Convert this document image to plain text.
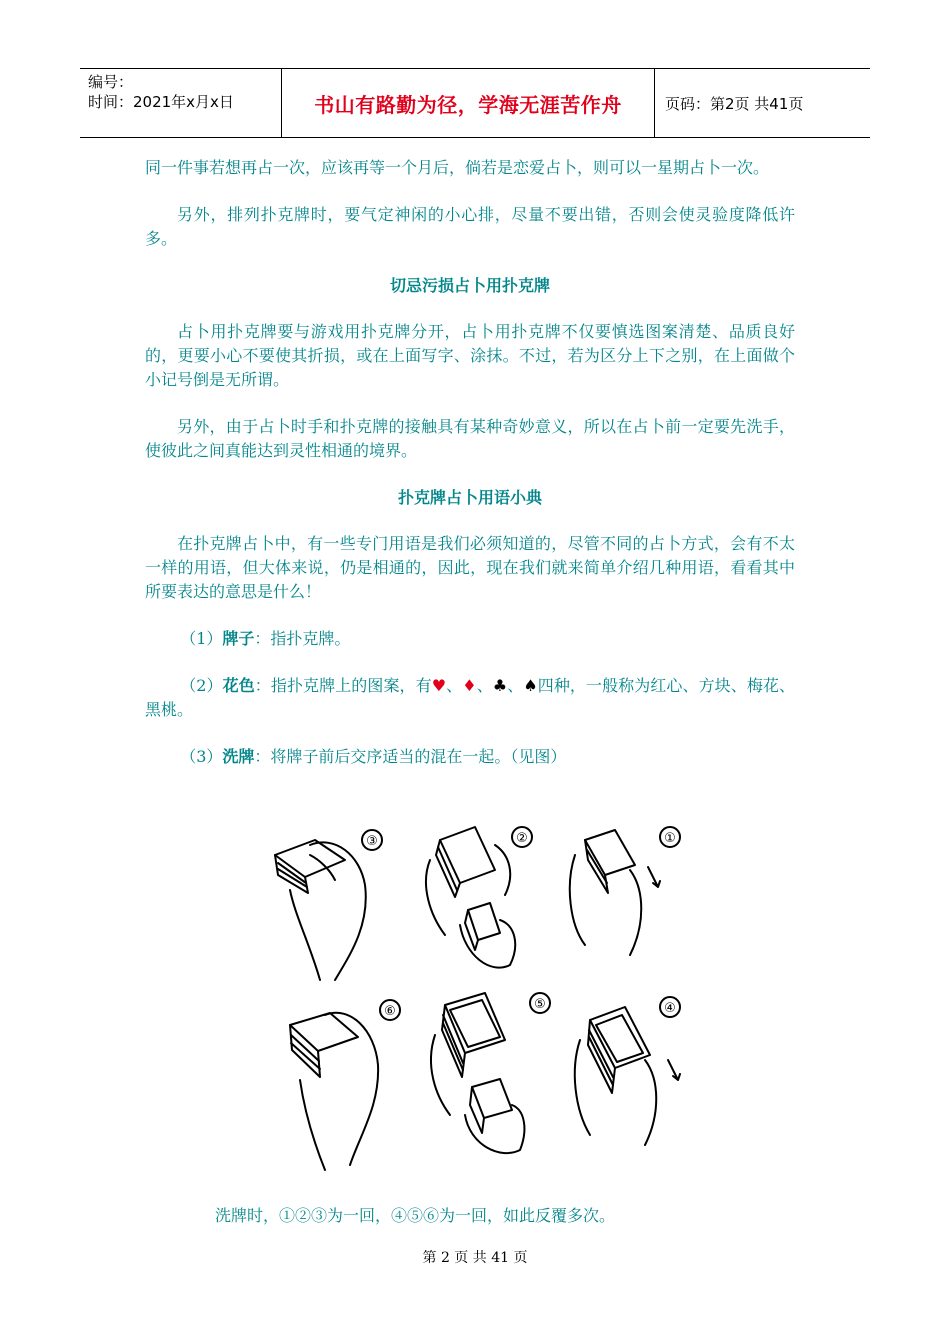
编号：
时间：2021年x月x日	书山有路勤为径，学海无涯苦作舟	页码：第2页 共41页

同一件事若想再占一次，应该再等一个月后，倘若是恋爱占卜，则可以一星期占卜一次。

另外，排列扑克牌时，要气定神闲的小心排，尽量不要出错，否则会使灵验度降低许多。

切忌污损占卜用扑克牌

占卜用扑克牌要与游戏用扑克牌分开，占卜用扑克牌不仅要慎选图案清楚、品质良好的，更要小心不要使其折损，或在上面写字、涂抹。不过，若为区分上下之别，在上面做个小记号倒是无所谓。

另外，由于占卜时手和扑克牌的接触具有某种奇妙意义，所以在占卜前一定要先洗手，使彼此之间真能达到灵性相通的境界。

扑克牌占卜用语小典

在扑克牌占卜中，有一些专门用语是我们必须知道的，尽管不同的占卜方式，会有不太一样的用语，但大体来说，仍是相通的，因此，现在我们就来简单介绍几种用语，看看其中所要表达的意思是什么！

（1）牌子：指扑克牌。

（2）花色：指扑克牌上的图案，有♥、♦、♣、♠四种，一般称为红心、方块、梅花、黑桃。

（3）洗牌：将牌子前后交序适当的混在一起。（见图）

③	②	①
⑥	⑤	④
洗牌时，①②③为一回，④⑤⑥为一回，如此反覆多次。
第 2 页 共 41 页
